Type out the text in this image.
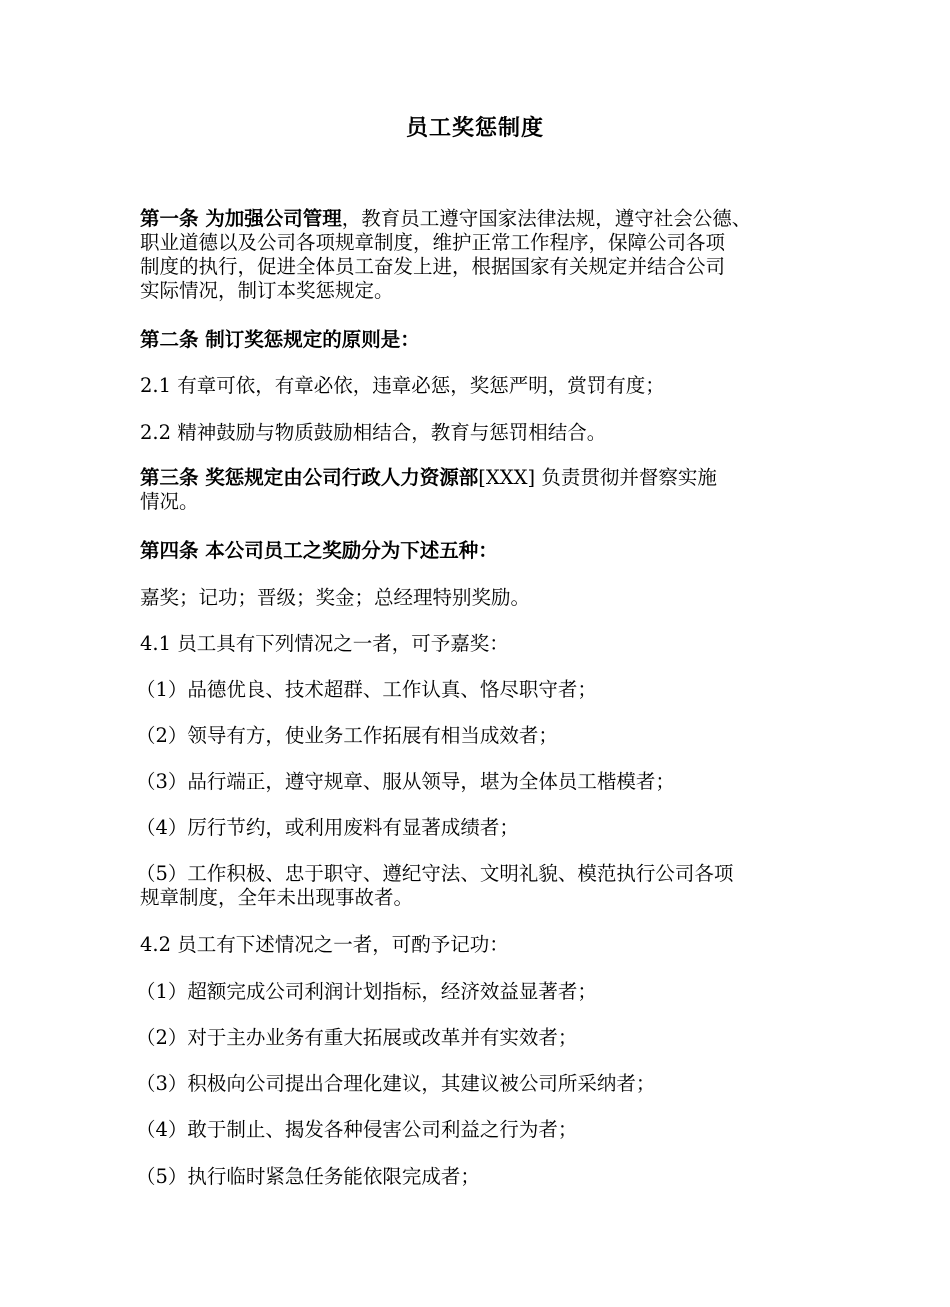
员工奖惩制度

第一条 为加强公司管理，教育员工遵守国家法律法规，遵守社会公德、
职业道德以及公司各项规章制度，维护正常工作程序，保障公司各项
制度的执行，促进全体员工奋发上进，根据国家有关规定并结合公司
实际情况，制订本奖惩规定。

第二条 制订奖惩规定的原则是：

2.1 有章可依，有章必依，违章必惩，奖惩严明，赏罚有度；

2.2 精神鼓励与物质鼓励相结合，教育与惩罚相结合。

第三条 奖惩规定由公司行政人力资源部[XXX] 负责贯彻并督察实施
情况。

第四条 本公司员工之奖励分为下述五种：

嘉奖；记功；晋级；奖金；总经理特别奖励。

4.1 员工具有下列情况之一者，可予嘉奖：

（1）品德优良、技术超群、工作认真、恪尽职守者；

（2）领导有方，使业务工作拓展有相当成效者；

（3）品行端正，遵守规章、服从领导，堪为全体员工楷模者；

（4）厉行节约，或利用废料有显著成绩者；

（5）工作积极、忠于职守、遵纪守法、文明礼貌、模范执行公司各项
规章制度，全年未出现事故者。

4.2 员工有下述情况之一者，可酌予记功：

（1）超额完成公司利润计划指标，经济效益显著者；

（2）对于主办业务有重大拓展或改革并有实效者；

（3）积极向公司提出合理化建议，其建议被公司所采纳者；

（4）敢于制止、揭发各种侵害公司利益之行为者；

（5）执行临时紧急任务能依限完成者；
